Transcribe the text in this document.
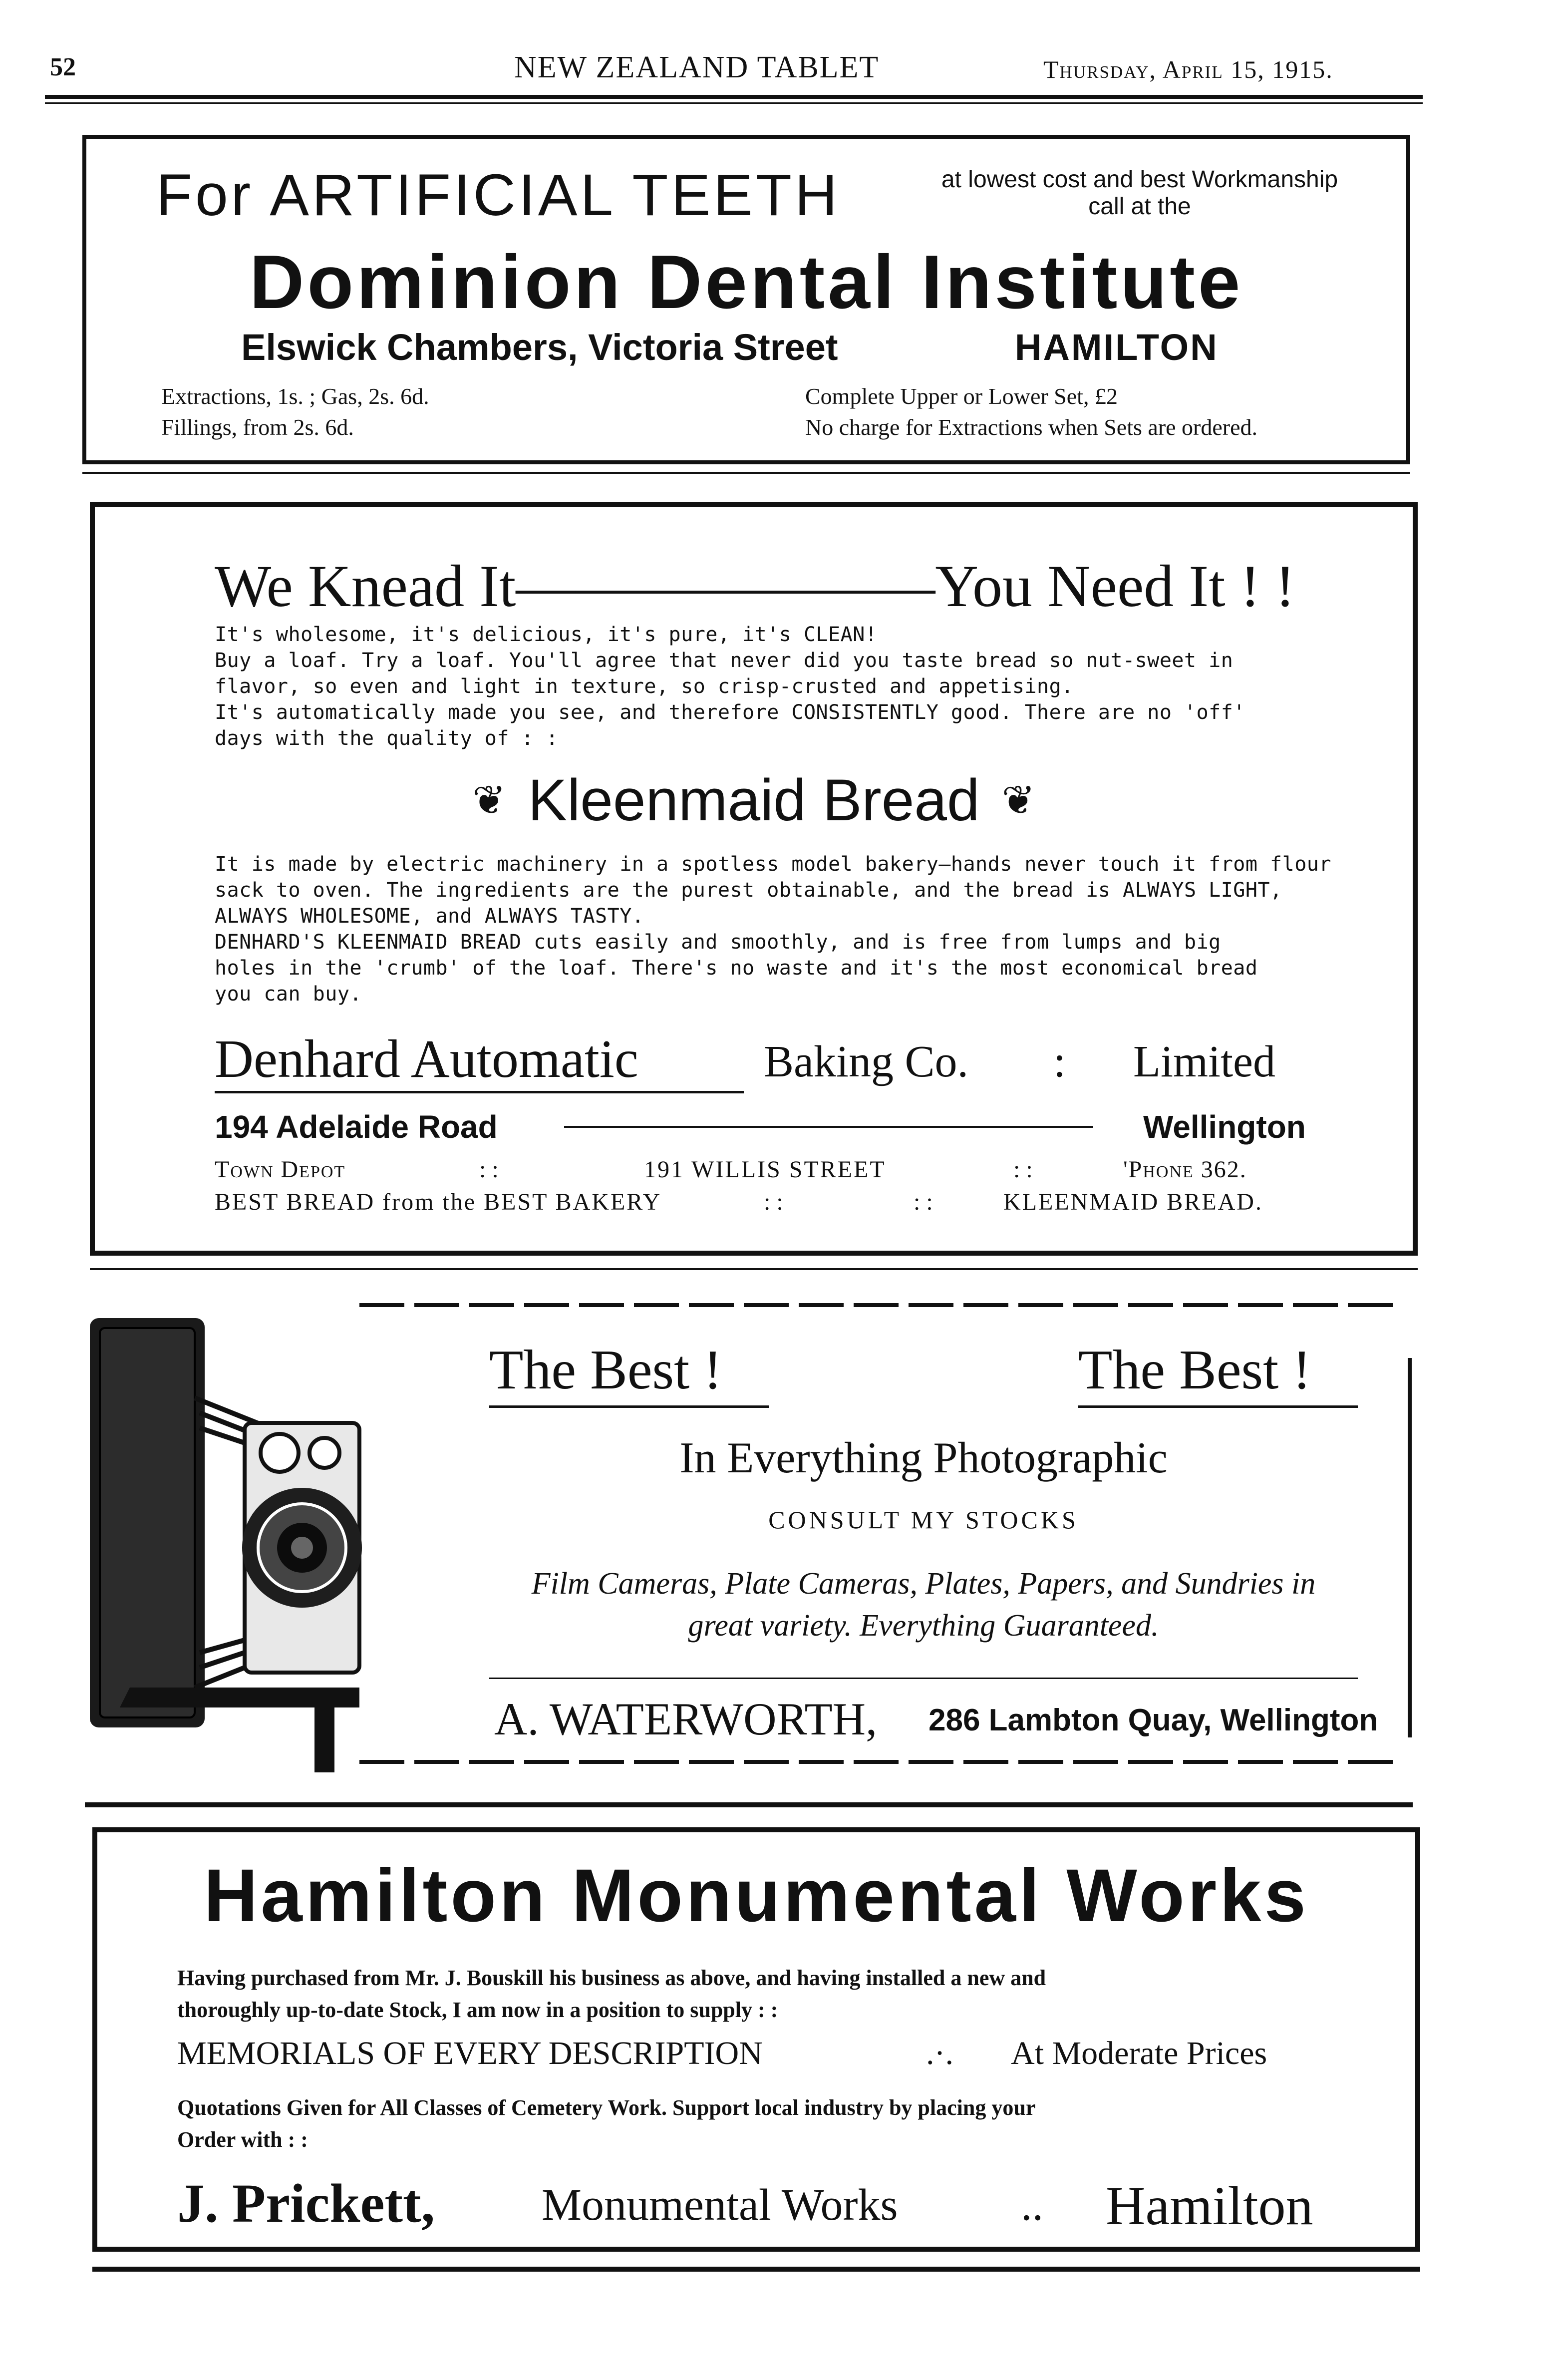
52	NEW ZEALAND TABLET	Thursday, April 15, 1915.
For ARTIFICIAL TEETH	at lowest cost and best Workmanship
call at the
Dominion Dental Institute
Elswick Chambers, Victoria Street	HAMILTON
Extractions, 1s. ; Gas, 2s. 6d.
Fillings, from 2s. 6d.
Complete Upper or Lower Set, £2
No charge for Extractions when Sets are ordered.
We Knead It———————You Need It ! !
It's wholesome, it's delicious, it's pure, it's CLEAN!
Buy a loaf. Try a loaf. You'll agree that never did you taste bread so nut-sweet in
flavor, so even and light in texture, so crisp-crusted and appetising.
It's automatically made you see, and therefore CONSISTENTLY good. There are no 'off'
days with the quality of : :
❦ Kleenmaid Bread ❦
It is made by electric machinery in a spotless model bakery—hands never touch it from flour
sack to oven. The ingredients are the purest obtainable, and the bread is ALWAYS LIGHT,
ALWAYS WHOLESOME, and ALWAYS TASTY.
DENHARD'S KLEENMAID BREAD cuts easily and smoothly, and is free from lumps and big
holes in the 'crumb' of the loaf. There's no waste and it's the most economical bread
you can buy.
Denhard Automatic	Baking Co. : Limited
194 Adelaide Road	Wellington
Town Depot	: :	191 WILLIS STREET	: :	'Phone 362.
BEST BREAD from the BEST BAKERY	: :	: :	KLEENMAID BREAD.
The Best !	The Best !
In Everything Photographic
CONSULT MY STOCKS
Film Cameras, Plate Cameras, Plates, Papers, and Sundries in
great variety. Everything Guaranteed.
A. WATERWORTH, 286 Lambton Quay, Wellington
Hamilton Monumental Works
Having purchased from Mr. J. Bouskill his business as above, and having installed a new and
thoroughly up-to-date Stock, I am now in a position to supply : :
MEMORIALS OF EVERY DESCRIPTION	.·. At Moderate Prices
Quotations Given for All Classes of Cemetery Work. Support local industry by placing your
Order with : :
J. Prickett, Monumental Works	.. Hamilton
